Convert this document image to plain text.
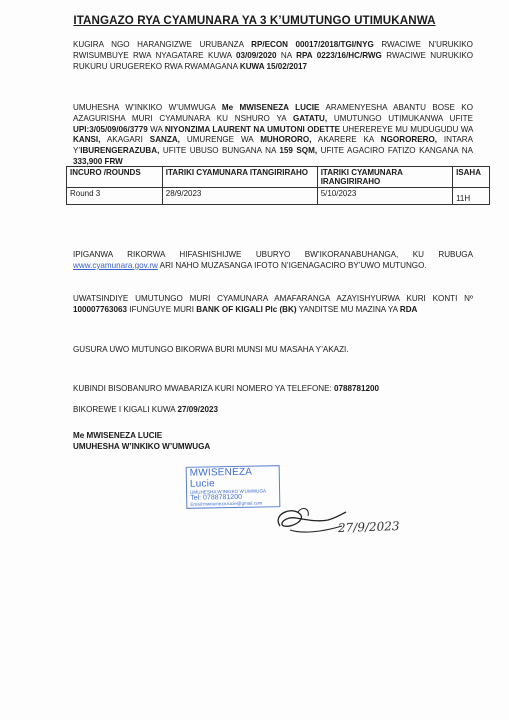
ITANGAZO RYA CYAMUNARA YA 3 K’UMUTUNGO UTIMUKANWA
KUGIRA NGO HARANGIZWE URUBANZA RP/ECON 00017/2018/TGI/NYG RWACIWE N’URUKIKO RWISUMBUYE RWA NYAGATARE KUWA 03/09/2020 NA RPA 0223/16/HC/RWG RWACIWE NURUKIKO RUKURU URUGEREKO RWA RWAMAGANA KUWA 15/02/2017
UMUHESHA W’INKIKO W’UMWUGA Me MWISENEZA LUCIE ARAMENYESHA ABANTU BOSE KO AZAGURISHA MURI CYAMUNARA KU NSHURO YA GATATU, UMUTUNGO UTIMUKANWA UFITE UPI:3/05/09/06/3779 WA NIYONZIMA LAURENT NA UMUTONI ODETTE UHEREREYE MU MUDUGUDU WA KANSI, AKAGARI SANZA, UMURENGE WA MUHORORO, AKARERE KA NGORORERO, INTARA Y’IBURENGERAZUBA, UFITE UBUSO BUNGANA NA 159 SQM, UFITE AGACIRO FATIZO KANGANA NA 333,900 FRW
INCURO /ROUNDS	ITARIKI CYAMUNARA ITANGIRIRAHO	ITARIKI CYAMUNARA IRANGIRIRAHO	ISAHA
Round 3	28/9/2023	5/10/2023	11H
IPIGANWA RIKORWA HIFASHISHIJWE UBURYO BW’IKORANABUHANGA, KU RUBUGA www.cyamunara.gov.rw ARI NAHO MUZASANGA IFOTO N’IGENAGACIRO BY’UWO MUTUNGO.
UWATSINDIYE UMUTUNGO MURI CYAMUNARA AMAFARANGA AZAYISHYURWA KURI KONTI Nº 100007763063 IFUNGUYE MURI BANK OF KIGALI Plc (BK) YANDITSE MU MAZINA YA RDA
GUSURA UWO MUTUNGO BIKORWA BURI MUNSI MU MASAHA Y’AKAZI.
KUBINDI BISOBANURO MWABARIZA KURI NOMERO YA TELEFONE: 0788781200
BIKOREWE I KIGALI KUWA 27/09/2023
Me MWISENEZA LUCIE
UMUHESHA W’INKIKO W’UMWUGA
MWISENEZA Lucie
UMUHESHA W'INKIKO W'UMWUGA
Tel: 0788781200
Email:mwiseneza.lucie@gmail.com
27/9/2023
